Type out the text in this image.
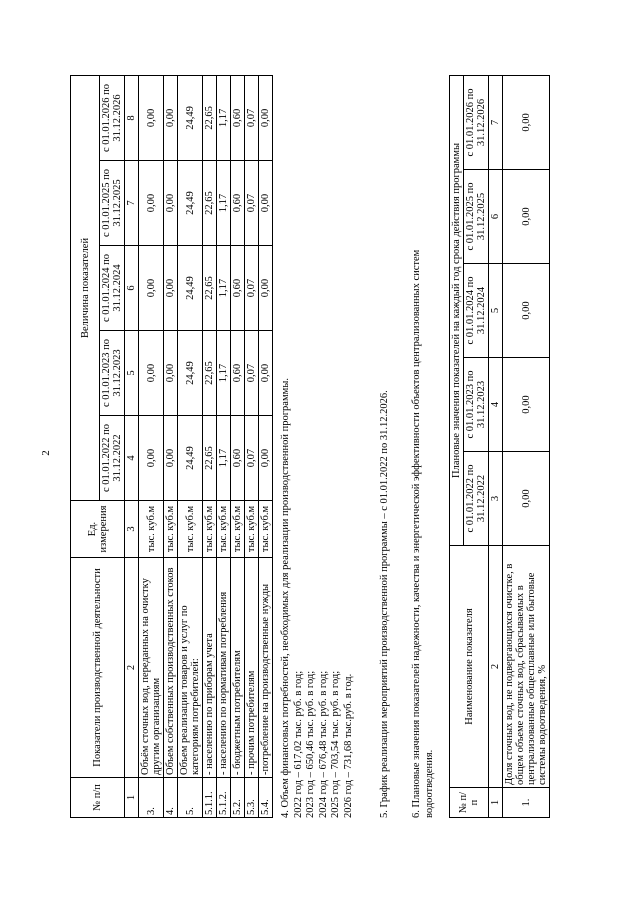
2
№ п/п	Показатели производственной деятельности	Ед. измерения	Величина показателей				
			с 01.01.2022 по 31.12.2022	с 01.01.2023 по 31.12.2023	с 01.01.2024 по 31.12.2024	с 01.01.2025 по 31.12.2025	с 01.01.2026 по 31.12.2026
1	2	3	4	5	6	7	8
3.	Объём сточных вод, переданных на очистку другим организациям	тыс. куб.м	0,00	0,00	0,00	0,00	0,00
4.	Объем собственных производственных стоков	тыс. куб.м	0,00	0,00	0,00	0,00	0,00
5.	Объем реализации товаров и услуг по категориям потребителей:	тыс. куб.м	24,49	24,49	24,49	24,49	24,49
5.1.1.	- населению по приборам учета	тыс. куб.м	22,65	22,65	22,65	22,65	22,65
5.1.2.	- населению по нормативам потребления	тыс. куб.м	1,17	1,17	1,17	1,17	1,17
5.2.	- бюджетным потребителям	тыс. куб.м	0,60	0,60	0,60	0,60	0,60
5.3.	- прочим потребителям	тыс. куб.м	0,07	0,07	0,07	0,07	0,07
5.4.	-потребление на производственные нужды	тыс. куб.м	0,00	0,00	0,00	0,00	0,00
4. Объем финансовых потребностей, необходимых для реализации производственной программы. 2022 год – 617,02 тыс. руб. в год; 2023 год – 650,46 тыс. руб. в год; 2024 год – 676,48 тыс. руб. в год; 2025 год – 703,54 тыс. руб. в год; 2026 год – 731,68 тыс.руб. в год. 5. График реализации мероприятий производственной программы – с 01.01.2022 по 31.12.2026. 6. Плановые значения показателей надежности, качества и энергетической эффективности объектов централизованных систем водоотведения. № п/п	Наименование показателя	Плановые значения показателей на каждый год срока действия программы				
		с 01.01.2022 по 31.12.2022	с 01.01.2023 по 31.12.2023	с 01.01.2024 по 31.12.2024	с 01.01.2025 по 31.12.2025	с 01.01.2026 по 31.12.2026
1	2	3	4	5	6	7
1.	Доля сточных вод, не подвергающихся очистке, в общем объеме сточных вод, сбрасываемых в централизованные общесплавные или бытовые системы водоотведения, %	0,00	0,00	0,00	0,00	0,00
